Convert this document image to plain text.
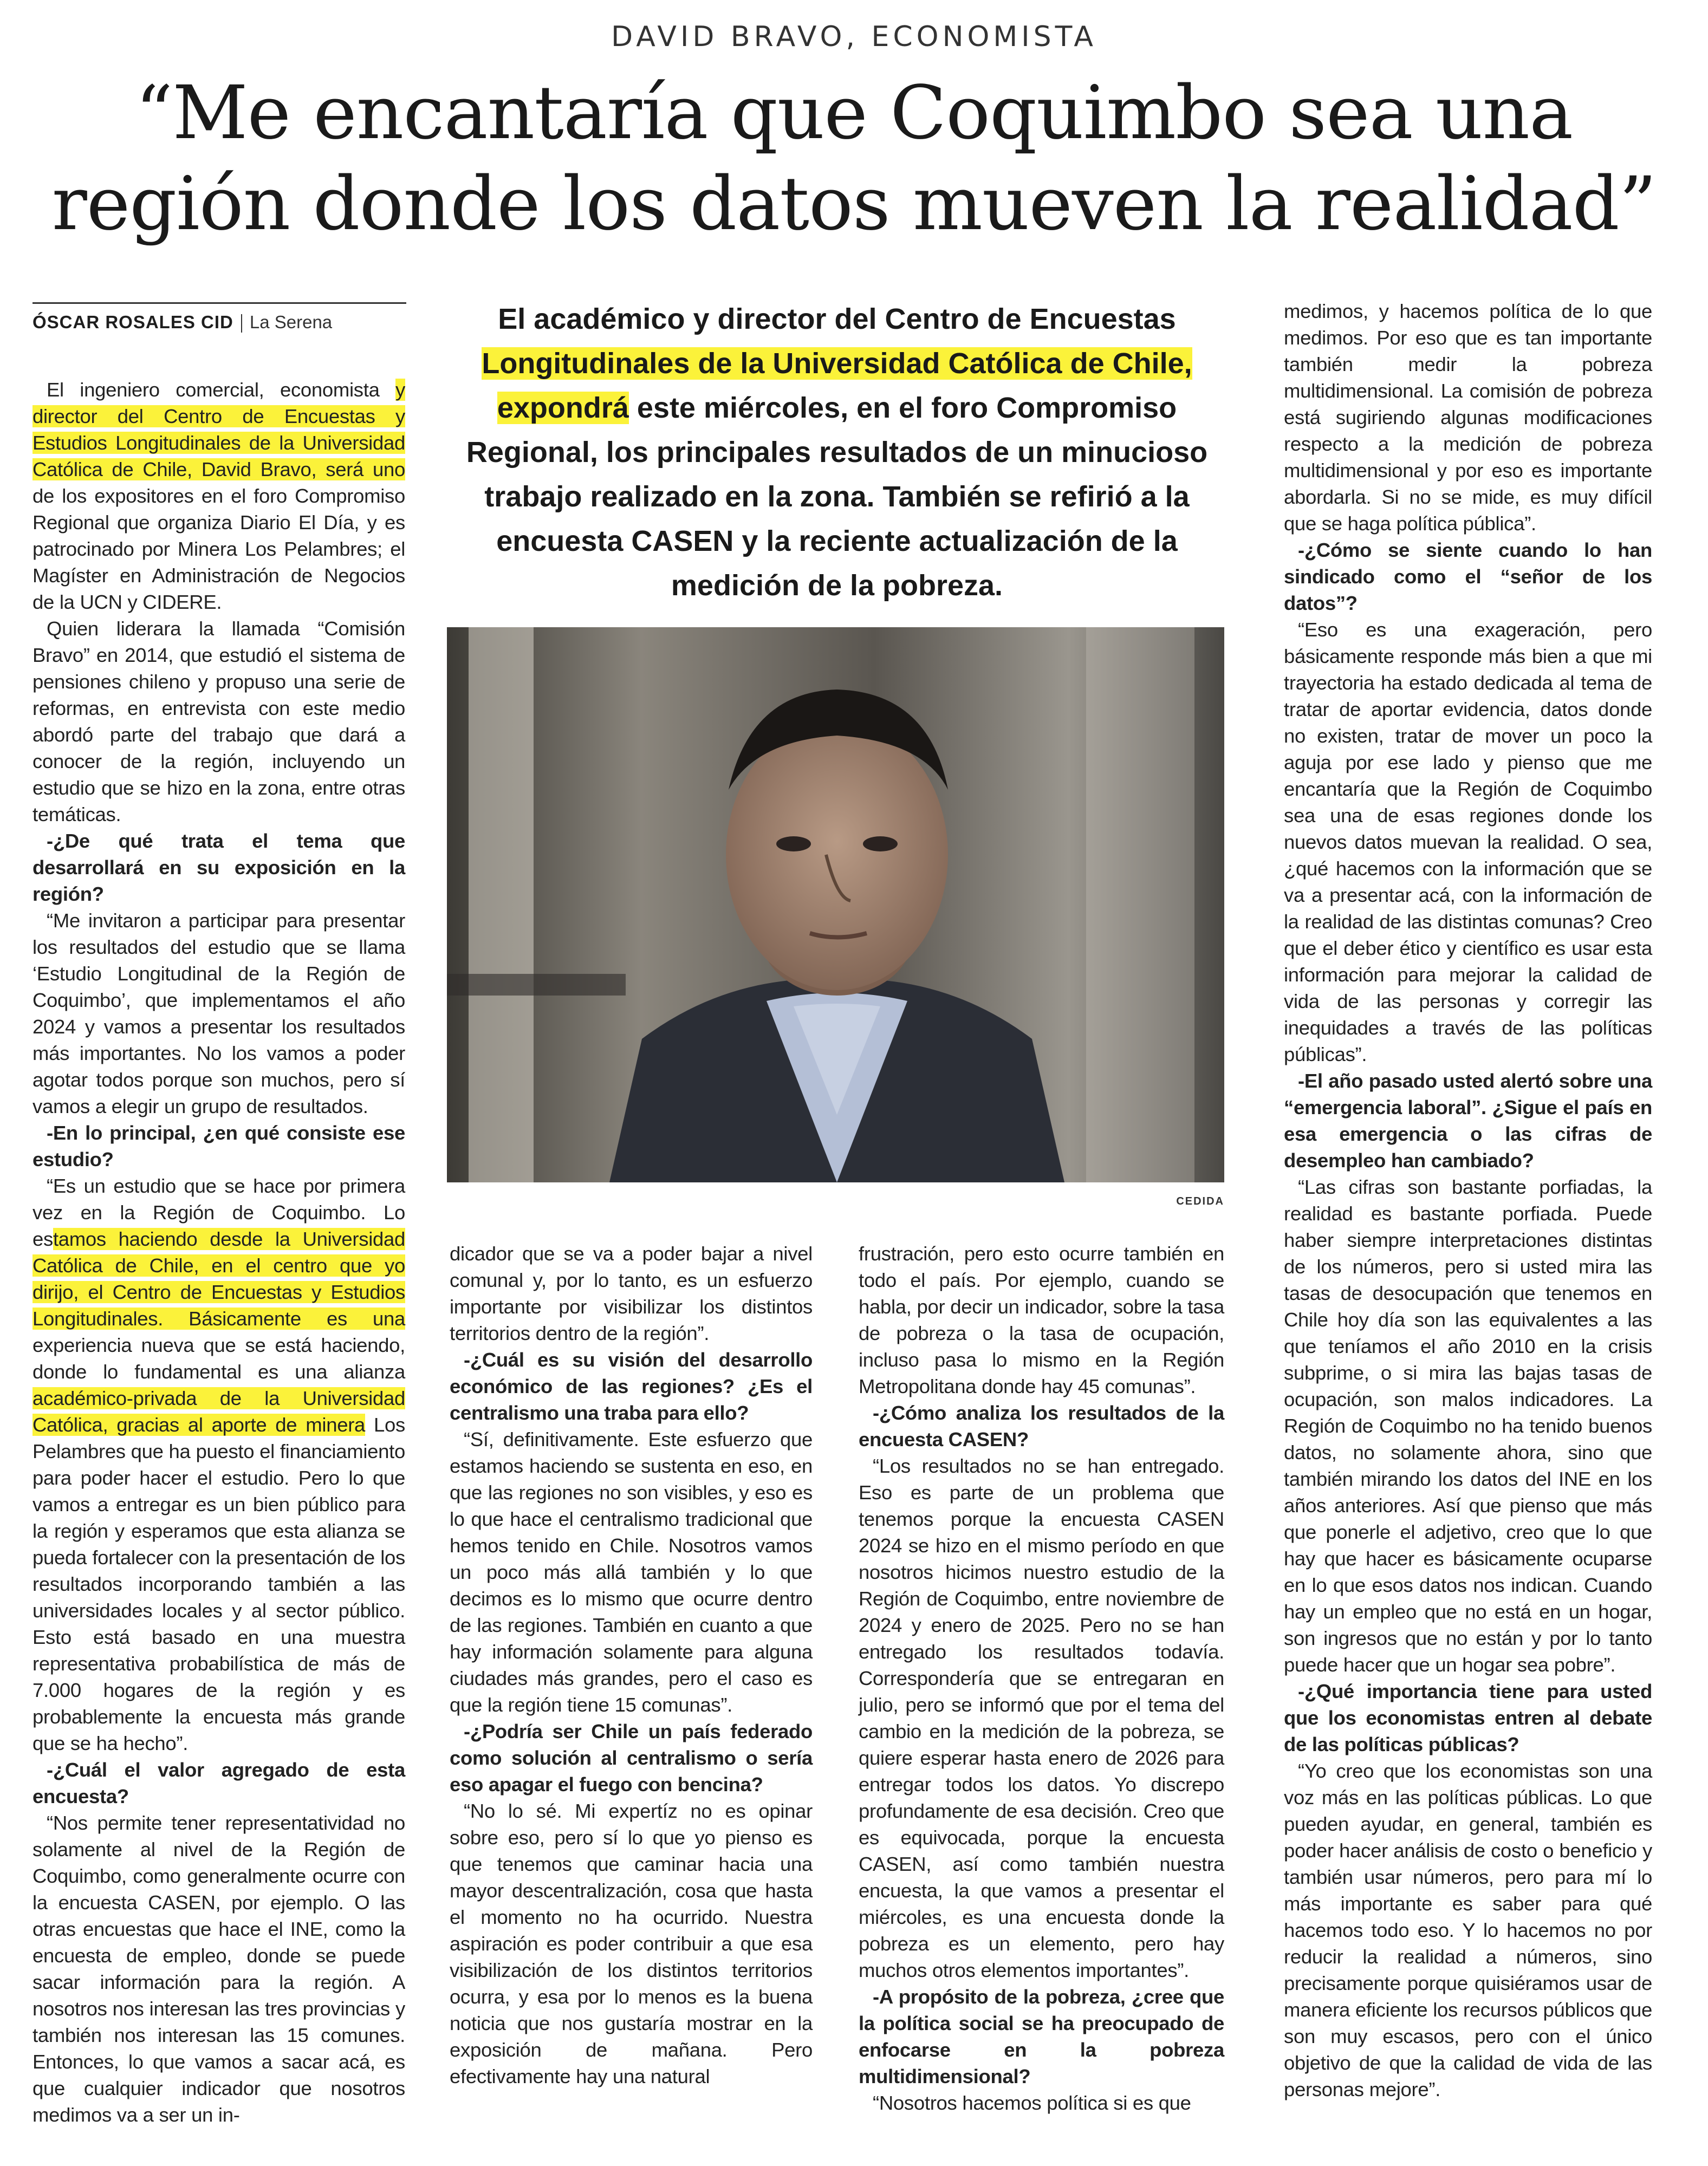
DAVID BRAVO, ECONOMISTA
“Me encantaría que Coquimbo sea una región donde los datos mueven la realidad”
ÓSCAR ROSALES CID La Serena

El ingeniero comercial, economista y director del Centro de Encuestas y Estudios Longitudinales de la Universidad Católica de Chile, David Bravo, será uno de los expositores en el foro Compromiso Regional que organiza Diario El Día, y es patrocinado por Minera Los Pelambres; el Magíster en Administración de Negocios de la UCN y CIDERE.

Quien liderara la llamada “Comisión Bravo” en 2014, que estudió el sistema de pensiones chileno y propuso una serie de reformas, en entrevista con este medio abordó parte del trabajo que dará a conocer de la región, incluyendo un estudio que se hizo en la zona, entre otras temáticas.

-¿De qué trata el tema que desarrollará en su exposición en la región?

“Me invitaron a participar para presentar los resultados del estudio que se llama ‘Estudio Longitudinal de la Región de Coquimbo’, que implementamos el año 2024 y vamos a presentar los resultados más importantes. No los vamos a poder agotar todos porque son muchos, pero sí vamos a elegir un grupo de resultados.

-En lo principal, ¿en qué consiste ese estudio?

“Es un estudio que se hace por primera vez en la Región de Coquimbo. Lo estamos haciendo desde la Universidad Católica de Chile, en el centro que yo dirijo, el Centro de Encuestas y Estudios Longitudinales. Básicamente es una experiencia nueva que se está haciendo, donde lo fundamental es una alianza académico-privada de la Universidad Católica, gracias al aporte de minera Los Pelambres que ha puesto el financiamiento para poder hacer el estudio. Pero lo que vamos a entregar es un bien público para la región y esperamos que esta alianza se pueda fortalecer con la presentación de los resultados incorporando también a las universidades locales y al sector público. Esto está basado en una muestra representativa probabilística de más de 7.000 hogares de la región y es probablemente la encuesta más grande que se ha hecho”.

-¿Cuál el valor agregado de esta encuesta?

“Nos permite tener representatividad no solamente al nivel de la Región de Coquimbo, como generalmente ocurre con la encuesta CASEN, por ejemplo. O las otras encuestas que hace el INE, como la encuesta de empleo, donde se puede sacar información para la región. A nosotros nos interesan las tres provincias y también nos interesan las 15 comunes. Entonces, lo que vamos a sacar acá, es que cualquier indicador que nosotros medimos va a ser un in-

El académico y director del Centro de Encuestas Longitudinales de la Universidad Católica de Chile, expondrá este miércoles, en el foro Compromiso Regional, los principales resultados de un minucioso trabajo realizado en la zona. También se refirió a la encuesta CASEN y la reciente actualización de la medición de la pobreza.
CEDIDA

dicador que se va a poder bajar a nivel comunal y, por lo tanto, es un esfuerzo importante por visibilizar los distintos territorios dentro de la región”.

-¿Cuál es su visión del desarrollo económico de las regiones? ¿Es el centralismo una traba para ello?

“Sí, definitivamente. Este esfuerzo que estamos haciendo se sustenta en eso, en que las regiones no son visibles, y eso es lo que hace el centralismo tradicional que hemos tenido en Chile. Nosotros vamos un poco más allá también y lo que decimos es lo mismo que ocurre dentro de las regiones. También en cuanto a que hay información solamente para alguna ciudades más grandes, pero el caso es que la región tiene 15 comunas”.

-¿Podría ser Chile un país federado como solución al centralismo o sería eso apagar el fuego con bencina?

“No lo sé. Mi expertíz no es opinar sobre eso, pero sí lo que yo pienso es que tenemos que caminar hacia una mayor descentralización, cosa que hasta el momento no ha ocurrido. Nuestra aspiración es poder contribuir a que esa visibilización de los distintos territorios ocurra, y esa por lo menos es la buena noticia que nos gustaría mostrar en la exposición de mañana. Pero efectivamente hay una natural

frustración, pero esto ocurre también en todo el país. Por ejemplo, cuando se habla, por decir un indicador, sobre la tasa de pobreza o la tasa de ocupación, incluso pasa lo mismo en la Región Metropolitana donde hay 45 comunas”.

-¿Cómo analiza los resultados de la encuesta CASEN?

“Los resultados no se han entregado. Eso es parte de un problema que tenemos porque la encuesta CASEN 2024 se hizo en el mismo período en que nosotros hicimos nuestro estudio de la Región de Coquimbo, entre noviembre de 2024 y enero de 2025. Pero no se han entregado los resultados todavía. Correspondería que se entregaran en julio, pero se informó que por el tema del cambio en la medición de la pobreza, se quiere esperar hasta enero de 2026 para entregar todos los datos. Yo discrepo profundamente de esa decisión. Creo que es equivocada, porque la encuesta CASEN, así como también nuestra encuesta, la que vamos a presentar el miércoles, es una encuesta donde la pobreza es un elemento, pero hay muchos otros elementos importantes”.

-A propósito de la pobreza, ¿cree que la política social se ha preocupado de enfocarse en la pobreza multidimensional?

“Nosotros hacemos política si es que

medimos, y hacemos política de lo que medimos. Por eso que es tan importante también medir la pobreza multidimensional. La comisión de pobreza está sugiriendo algunas modificaciones respecto a la medición de pobreza multidimensional y por eso es importante abordarla. Si no se mide, es muy difícil que se haga política pública”.

-¿Cómo se siente cuando lo han sindicado como el “señor de los datos”?

“Eso es una exageración, pero básicamente responde más bien a que mi trayectoria ha estado dedicada al tema de tratar de aportar evidencia, datos donde no existen, tratar de mover un poco la aguja por ese lado y pienso que me encantaría que la Región de Coquimbo sea una de esas regiones donde los nuevos datos muevan la realidad. O sea, ¿qué hacemos con la información que se va a presentar acá, con la información de la realidad de las distintas comunas? Creo que el deber ético y científico es usar esta información para mejorar la calidad de vida de las personas y corregir las inequidades a través de las políticas públicas”.

-El año pasado usted alertó sobre una “emergencia laboral”. ¿Sigue el país en esa emergencia o las cifras de desempleo han cambiado?

“Las cifras son bastante porfiadas, la realidad es bastante porfiada. Puede haber siempre interpretaciones distintas de los números, pero si usted mira las tasas de desocupación que tenemos en Chile hoy día son las equivalentes a las que teníamos el año 2010 en la crisis subprime, o si mira las bajas tasas de ocupación, son malos indicadores. La Región de Coquimbo no ha tenido buenos datos, no solamente ahora, sino que también mirando los datos del INE en los años anteriores. Así que pienso que más que ponerle el adjetivo, creo que lo que hay que hacer es básicamente ocuparse en lo que esos datos nos indican. Cuando hay un empleo que no está en un hogar, son ingresos que no están y por lo tanto puede hacer que un hogar sea pobre”.

-¿Qué importancia tiene para usted que los economistas entren al debate de las políticas públicas?

“Yo creo que los economistas son una voz más en las políticas públicas. Lo que pueden ayudar, en general, también es poder hacer análisis de costo o beneficio y también usar números, pero para mí lo más importante es saber para qué hacemos todo eso. Y lo hacemos no por reducir la realidad a números, sino precisamente porque quisiéramos usar de manera eficiente los recursos públicos que son muy escasos, pero con el único objetivo de que la calidad de vida de las personas mejore”.
